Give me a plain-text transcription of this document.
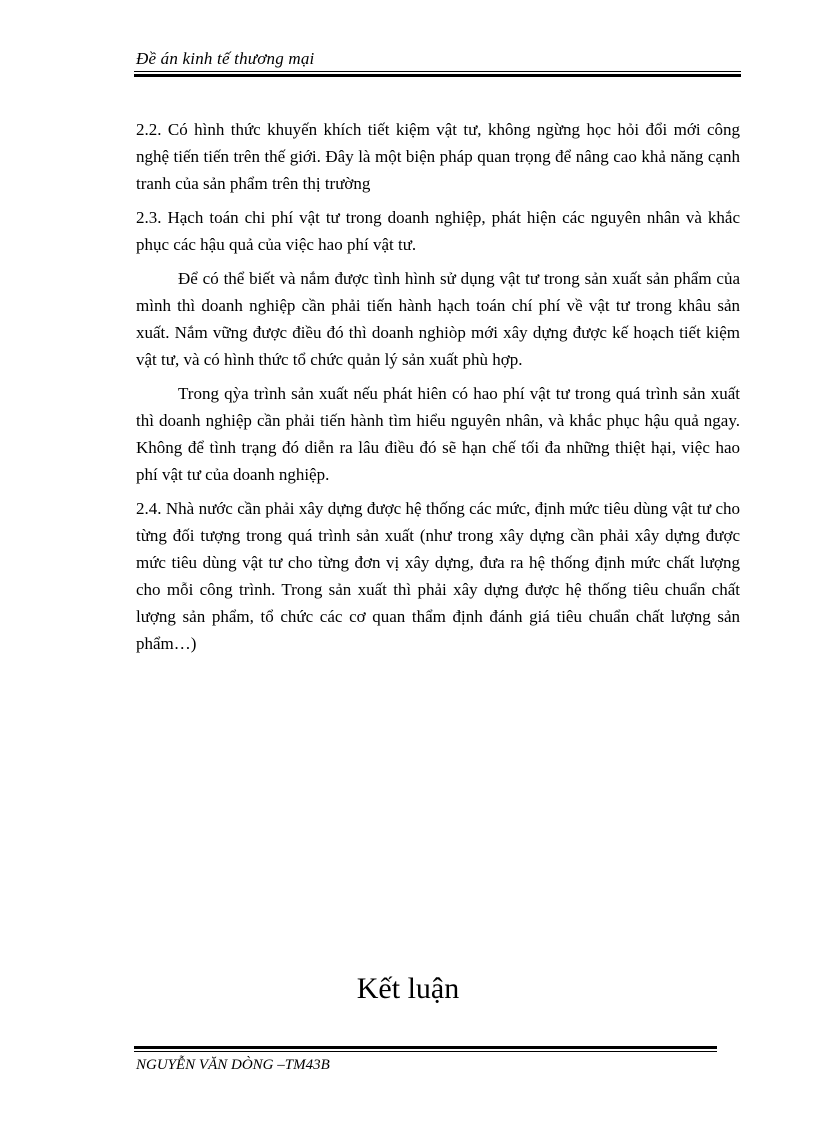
Đề án kinh tế thương mại

2.2. Có hình thức khuyến khích tiết kiệm vật tư, không ngừng học hỏi đổi mới công nghệ tiến tiến trên thế giới. Đây là một biện pháp quan trọng để nâng cao khả năng cạnh tranh của sản phẩm trên thị trường

2.3. Hạch toán chi phí vật tư trong doanh nghiệp, phát hiện các nguyên nhân và khắc phục các hậu quả của việc hao phí vật tư.

Để có thể biết và nắm được tình hình sử dụng vật tư trong sản xuất sản phẩm của mình thì doanh nghiệp cần phải tiến hành hạch toán chí phí về vật tư trong khâu sản xuất. Nắm vững được điều đó thì doanh nghiòp mới xây dựng được kế hoạch tiết kiệm vật tư, và có hình thức tổ chức quản lý sản xuất phù hợp.

Trong qỳa trình sản xuất nếu phát hiên có hao phí vật tư trong quá trình sản xuất thì doanh nghiệp cần phải tiến hành tìm hiểu nguyên nhân, và khắc phục hậu quả ngay. Không để tình trạng đó diễn ra lâu điều đó sẽ hạn chế tối đa những thiệt hại, việc hao phí vật tư của doanh nghiệp.

2.4. Nhà nước cần phải xây dựng được hệ thống các mức, định mức tiêu dùng vật tư cho từng đối tượng trong quá trình sản xuất (như trong xây dựng cần phải xây dựng được mức tiêu dùng vật tư cho từng đơn vị xây dựng, đưa ra hệ thống định mức chất lượng cho mỗi công trình. Trong sản xuất thì phải xây dựng được hệ thống tiêu chuẩn chất lượng sản phẩm, tổ chức các cơ quan thẩm định đánh giá tiêu chuẩn chất lượng sản phẩm…)

Kết luận
NGUYỄN VĂN DÒNG –TM43B
